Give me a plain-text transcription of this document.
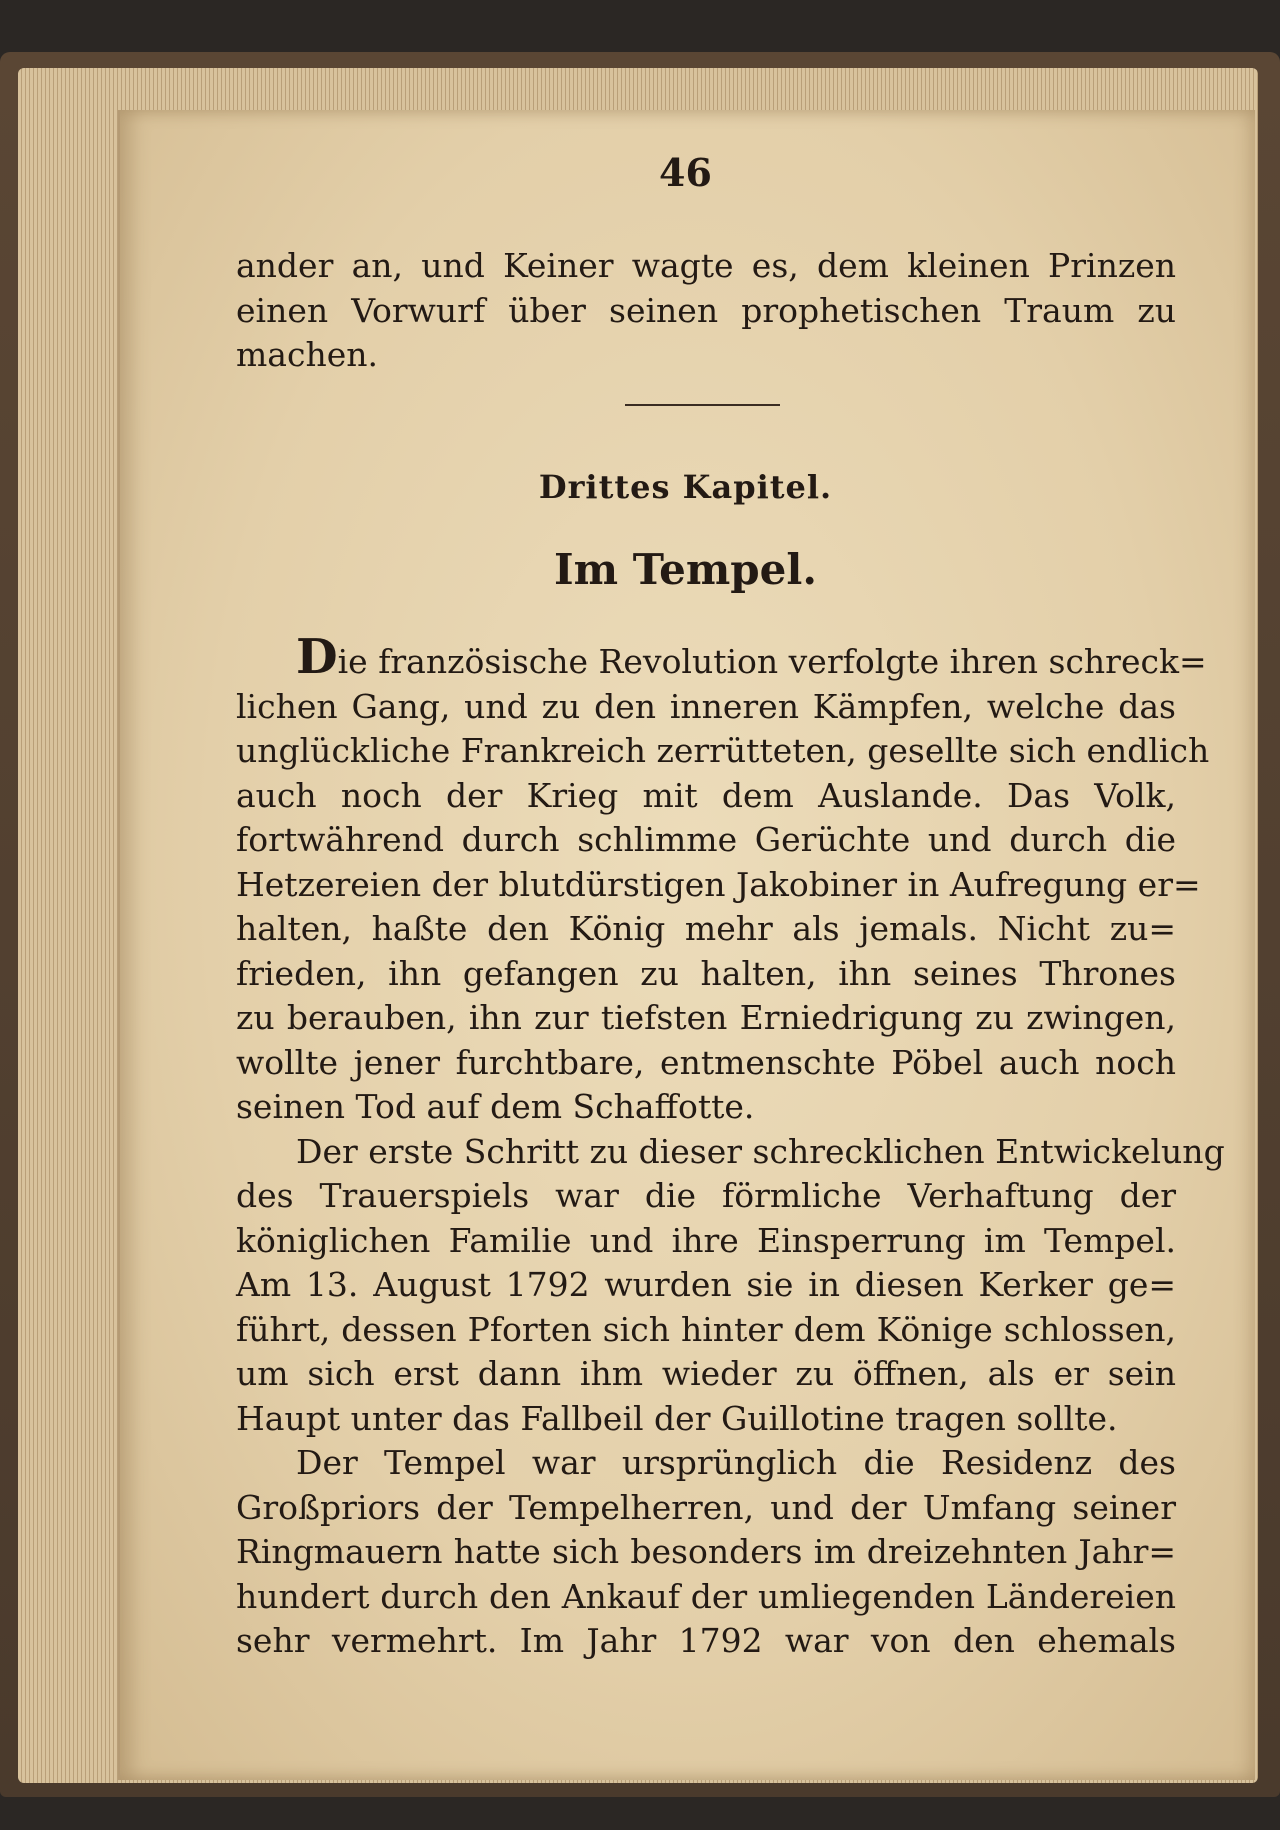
46
ander an, und Keiner wagte es, dem kleinen Prinzen
einen Vorwurf über seinen prophetischen Traum zu
machen.
Drittes Kapitel.
Im Tempel.
Die französische Revolution verfolgte ihren schreck=
lichen Gang, und zu den inneren Kämpfen, welche das
unglückliche Frankreich zerrütteten, gesellte sich endlich
auch noch der Krieg mit dem Auslande. Das Volk,
fortwährend durch schlimme Gerüchte und durch die
Hetzereien der blutdürstigen Jakobiner in Aufregung er=
halten, haßte den König mehr als jemals. Nicht zu=
frieden, ihn gefangen zu halten, ihn seines Thrones
zu berauben, ihn zur tiefsten Erniedrigung zu zwingen,
wollte jener furchtbare, entmenschte Pöbel auch noch
seinen Tod auf dem Schaffotte.
Der erste Schritt zu dieser schrecklichen Entwickelung
des Trauerspiels war die förmliche Verhaftung der
königlichen Familie und ihre Einsperrung im Tempel.
Am 13. August 1792 wurden sie in diesen Kerker ge=
führt, dessen Pforten sich hinter dem Könige schlossen,
um sich erst dann ihm wieder zu öffnen, als er sein
Haupt unter das Fallbeil der Guillotine tragen sollte.
Der Tempel war ursprünglich die Residenz des
Großpriors der Tempelherren, und der Umfang seiner
Ringmauern hatte sich besonders im dreizehnten Jahr=
hundert durch den Ankauf der umliegenden Ländereien
sehr vermehrt. Im Jahr 1792 war von den ehemals
